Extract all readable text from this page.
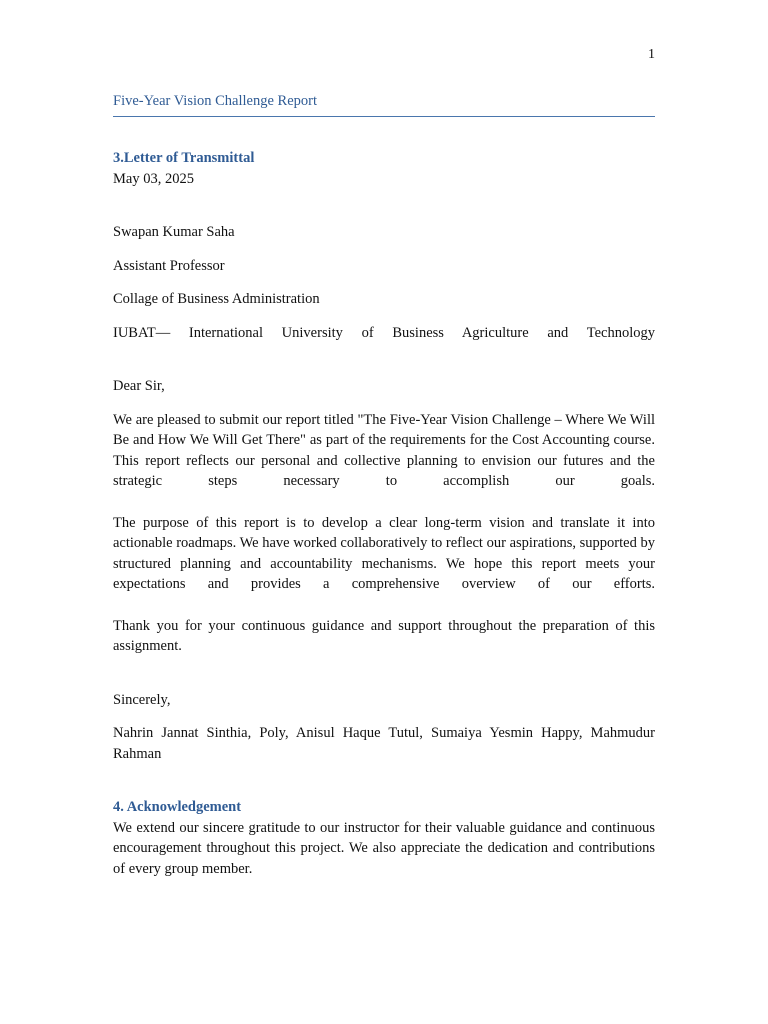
1
Five-Year Vision Challenge Report

3.Letter of Transmittal

May 03, 2025

Swapan Kumar Saha

Assistant Professor

Collage of Business Administration

IUBAT— International University of Business Agriculture and Technology

Dear Sir,

We are pleased to submit our report titled "The Five-Year Vision Challenge – Where We Will Be and How We Will Get There" as part of the requirements for the Cost Accounting course. This report reflects our personal and collective planning to envision our futures and the strategic steps necessary to accomplish our goals.

The purpose of this report is to develop a clear long-term vision and translate it into actionable roadmaps. We have worked collaboratively to reflect our aspirations, supported by structured planning and accountability mechanisms. We hope this report meets your expectations and provides a comprehensive overview of our efforts.

Thank you for your continuous guidance and support throughout the preparation of this assignment.

Sincerely,

Nahrin Jannat Sinthia, Poly, Anisul Haque Tutul, Sumaiya Yesmin Happy, Mahmudur Rahman

4. Acknowledgement

We extend our sincere gratitude to our instructor for their valuable guidance and continuous encouragement throughout this project. We also appreciate the dedication and contributions of every group member.
